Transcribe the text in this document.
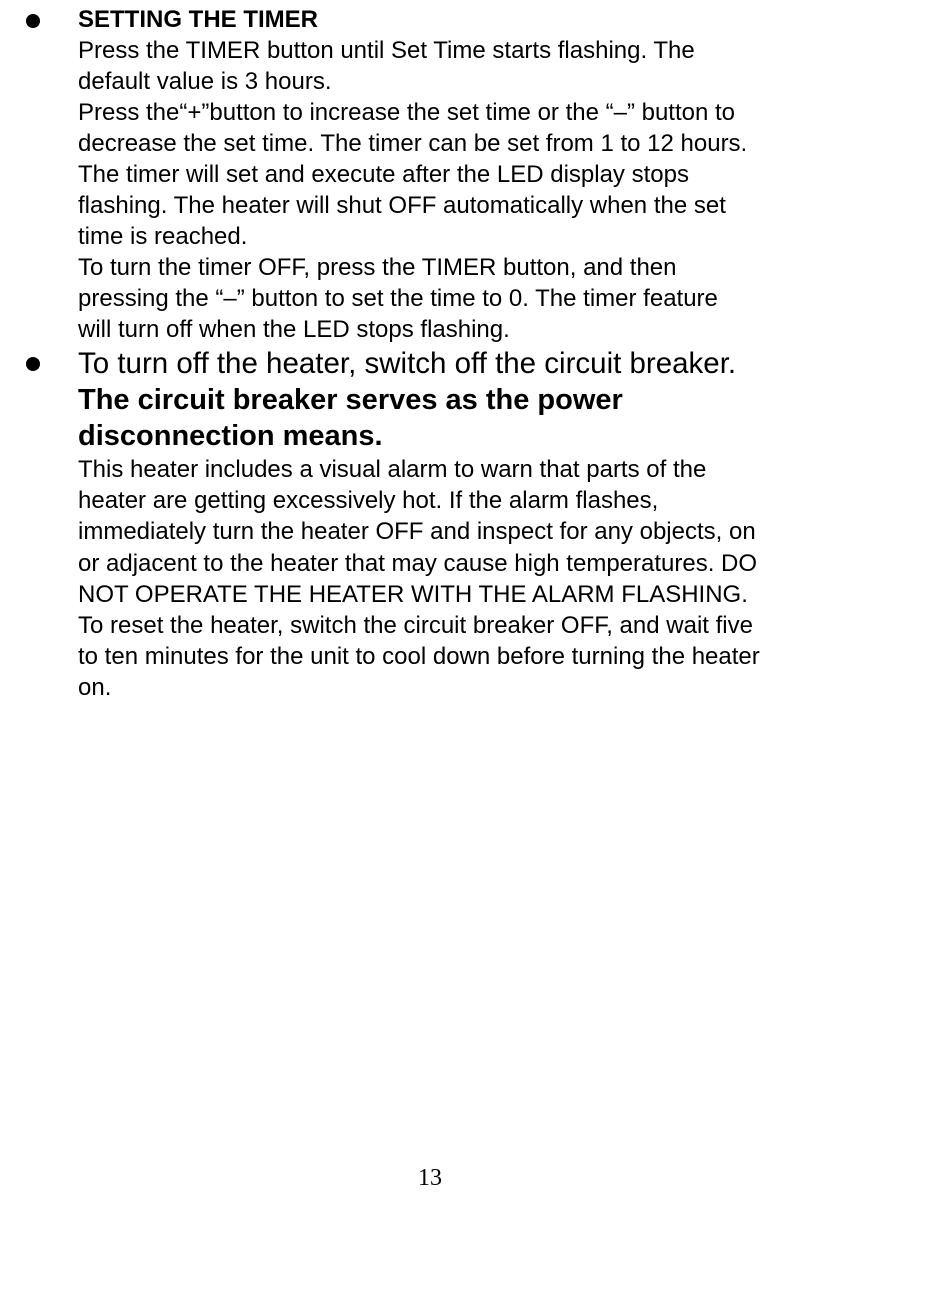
SETTING THE TIMER
Press the TIMER button until Set Time starts flashing. The
default value is 3 hours.
Press the“+”button to increase the set time or the “–” button to
decrease the set time. The timer can be set from 1 to 12 hours.
The timer will set and execute after the LED display stops
flashing. The heater will shut OFF automatically when the set
time is reached.
To turn the timer OFF, press the TIMER button, and then
pressing the “–” button to set the time to 0. The timer feature
will turn off when the LED stops flashing.
To turn off the heater, switch off the circuit breaker.
The circuit breaker serves as the power
disconnection means.
This heater includes a visual alarm to warn that parts of the
heater are getting excessively hot. If the alarm flashes,
immediately turn the heater OFF and inspect for any objects, on
or adjacent to the heater that may cause high temperatures. DO
NOT OPERATE THE HEATER WITH THE ALARM FLASHING.
To reset the heater, switch the circuit breaker OFF, and wait five
to ten minutes for the unit to cool down before turning the heater
on.
13
